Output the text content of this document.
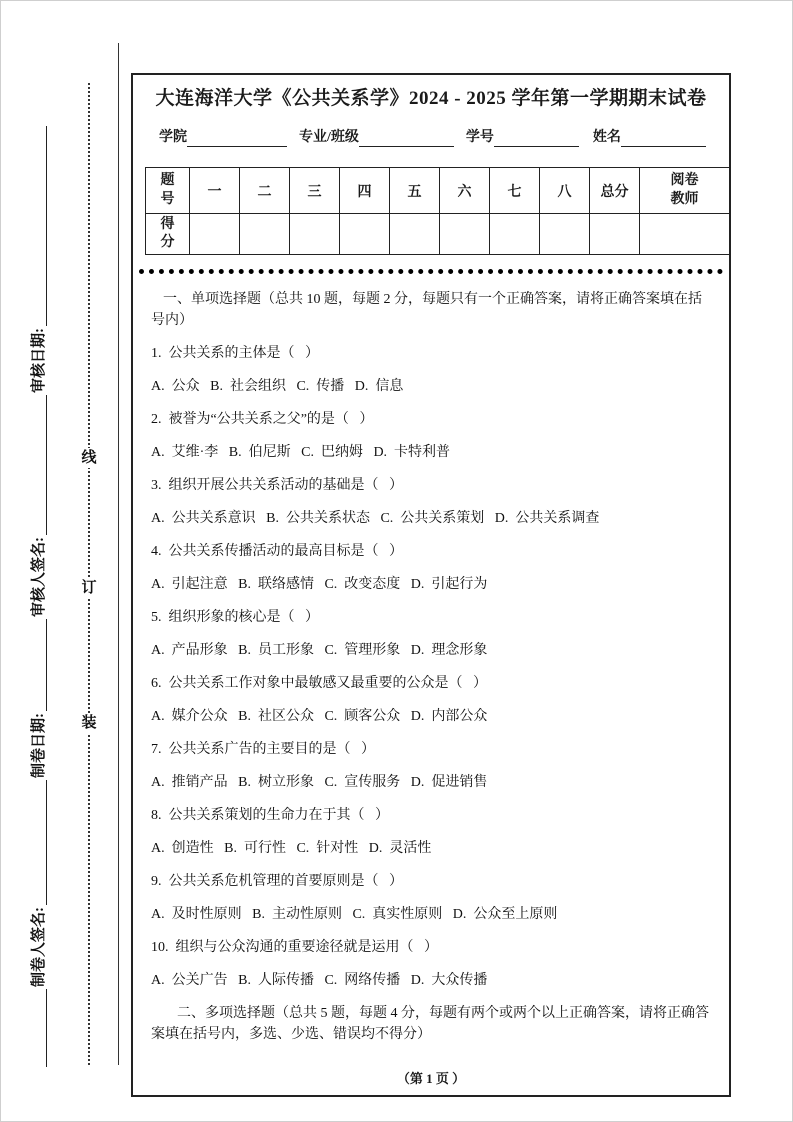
制卷人签名:
制卷日期:
审核人签名:
审核日期:
线
订
装
大连海洋大学《公共关系学》2024 - 2025 学年第一学期期末试卷
学院	专业/班级	学号	姓名
题号	一	二	三	四	五	六	七	八	总分	阅卷教师
得分										

一、单项选择题（总共 10 题，每题 2 分，每题只有一个正确答案，请将正确答案填在括号内）

1.  公共关系的主体是（   ）

A.  公众   B.  社会组织   C.  传播   D.  信息

2.  被誉为“公共关系之父”的是（   ）

A.  艾维·李   B.  伯尼斯   C.  巴纳姆   D.  卡特利普

3.  组织开展公共关系活动的基础是（   ）

A.  公共关系意识   B.  公共关系状态   C.  公共关系策划   D.  公共关系调查

4.  公共关系传播活动的最高目标是（   ）

A.  引起注意   B.  联络感情   C.  改变态度   D.  引起行为

5.  组织形象的核心是（   ）

A.  产品形象   B.  员工形象   C.  管理形象   D.  理念形象

6.  公共关系工作对象中最敏感又最重要的公众是（   ）

A.  媒介公众   B.  社区公众   C.  顾客公众   D.  内部公众

7.  公共关系广告的主要目的是（   ）

A.  推销产品   B.  树立形象   C.  宣传服务   D.  促进销售

8.  公共关系策划的生命力在于其（   ）

A.  创造性   B.  可行性   C.  针对性   D.  灵活性

9.  公共关系危机管理的首要原则是（   ）

A.  及时性原则   B.  主动性原则   C.  真实性原则   D.  公众至上原则

10.  组织与公众沟通的重要途径就是运用（   ）

A.  公关广告   B.  人际传播   C.  网络传播   D.  大众传播

　二、多项选择题（总共 5 题，每题 4 分，每题有两个或两个以上正确答案，请将正确答案填在括号内，多选、少选、错误均不得分）

（第 1 页 ）
